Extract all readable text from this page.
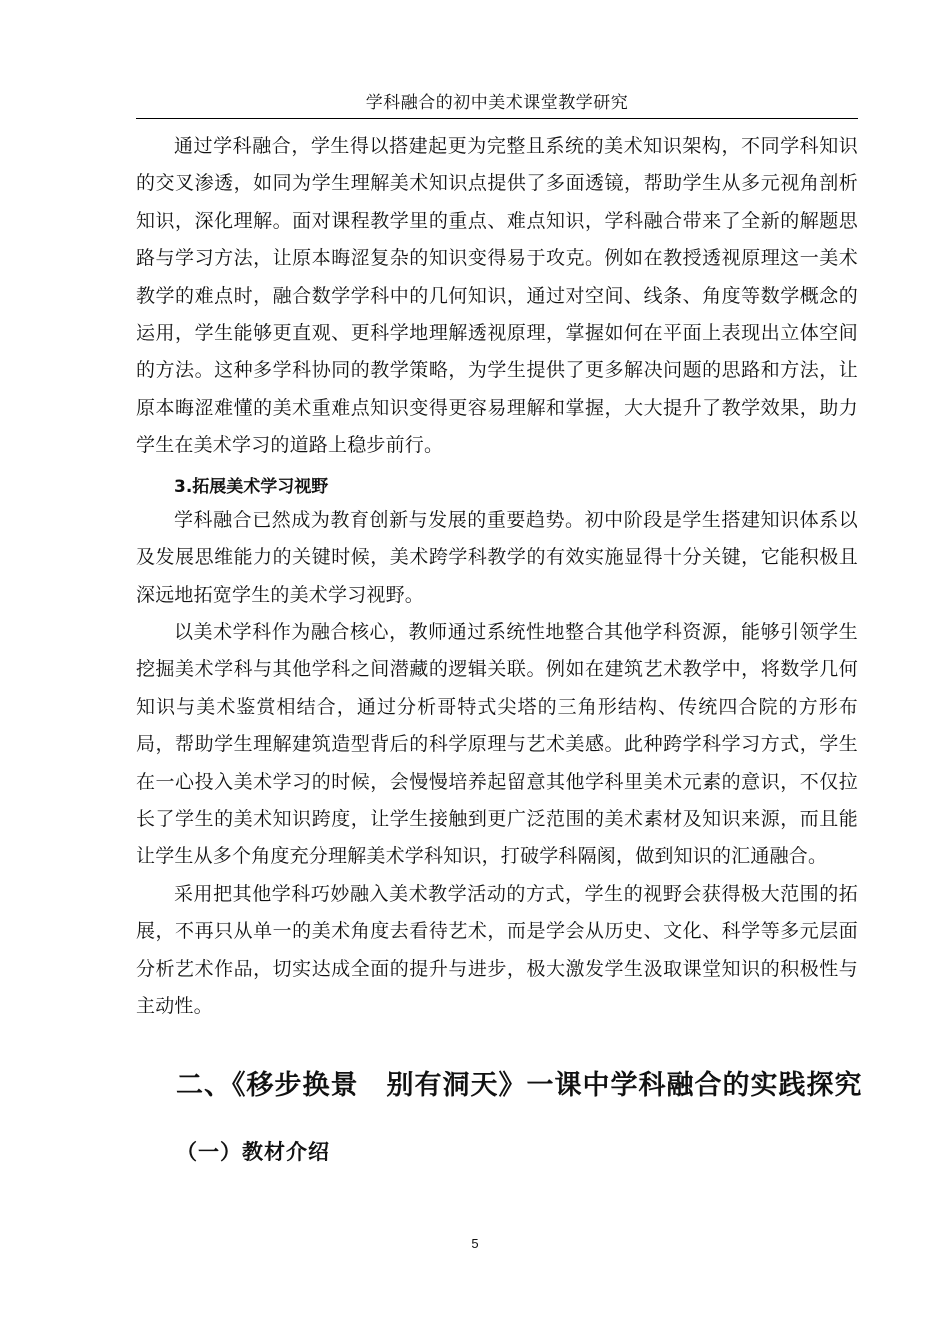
学科融合的初中美术课堂教学研究

通过学科融合，学生得以搭建起更为完整且系统的美术知识架构，不同学科知识的交叉渗透，如同为学生理解美术知识点提供了多面透镜，帮助学生从多元视角剖析知识，深化理解。面对课程教学里的重点、难点知识，学科融合带来了全新的解题思路与学习方法，让原本晦涩复杂的知识变得易于攻克。例如在教授透视原理这一美术教学的难点时，融合数学学科中的几何知识，通过对空间、线条、角度等数学概念的运用，学生能够更直观、更科学地理解透视原理，掌握如何在平面上表现出立体空间的方法。这种多学科协同的教学策略，为学生提供了更多解决问题的思路和方法，让原本晦涩难懂的美术重难点知识变得更容易理解和掌握，大大提升了教学效果，助力学生在美术学习的道路上稳步前行。

3.拓展美术学习视野

学科融合已然成为教育创新与发展的重要趋势。初中阶段是学生搭建知识体系以及发展思维能力的关键时候，美术跨学科教学的有效实施显得十分关键，它能积极且深远地拓宽学生的美术学习视野。

以美术学科作为融合核心，教师通过系统性地整合其他学科资源，能够引领学生挖掘美术学科与其他学科之间潜藏的逻辑关联。例如在建筑艺术教学中，将数学几何知识与美术鉴赏相结合，通过分析哥特式尖塔的三角形结构、传统四合院的方形布局，帮助学生理解建筑造型背后的科学原理与艺术美感。此种跨学科学习方式，学生在一心投入美术学习的时候，会慢慢培养起留意其他学科里美术元素的意识，不仅拉长了学生的美术知识跨度，让学生接触到更广泛范围的美术素材及知识来源，而且能让学生从多个角度充分理解美术学科知识，打破学科隔阂，做到知识的汇通融合。

采用把其他学科巧妙融入美术教学活动的方式，学生的视野会获得极大范围的拓展，不再只从单一的美术角度去看待艺术，而是学会从历史、文化、科学等多元层面分析艺术作品，切实达成全面的提升与进步，极大激发学生汲取课堂知识的积极性与主动性。

二、《移步换景　别有洞天》一课中学科融合的实践探究
（一）教材介绍
5
